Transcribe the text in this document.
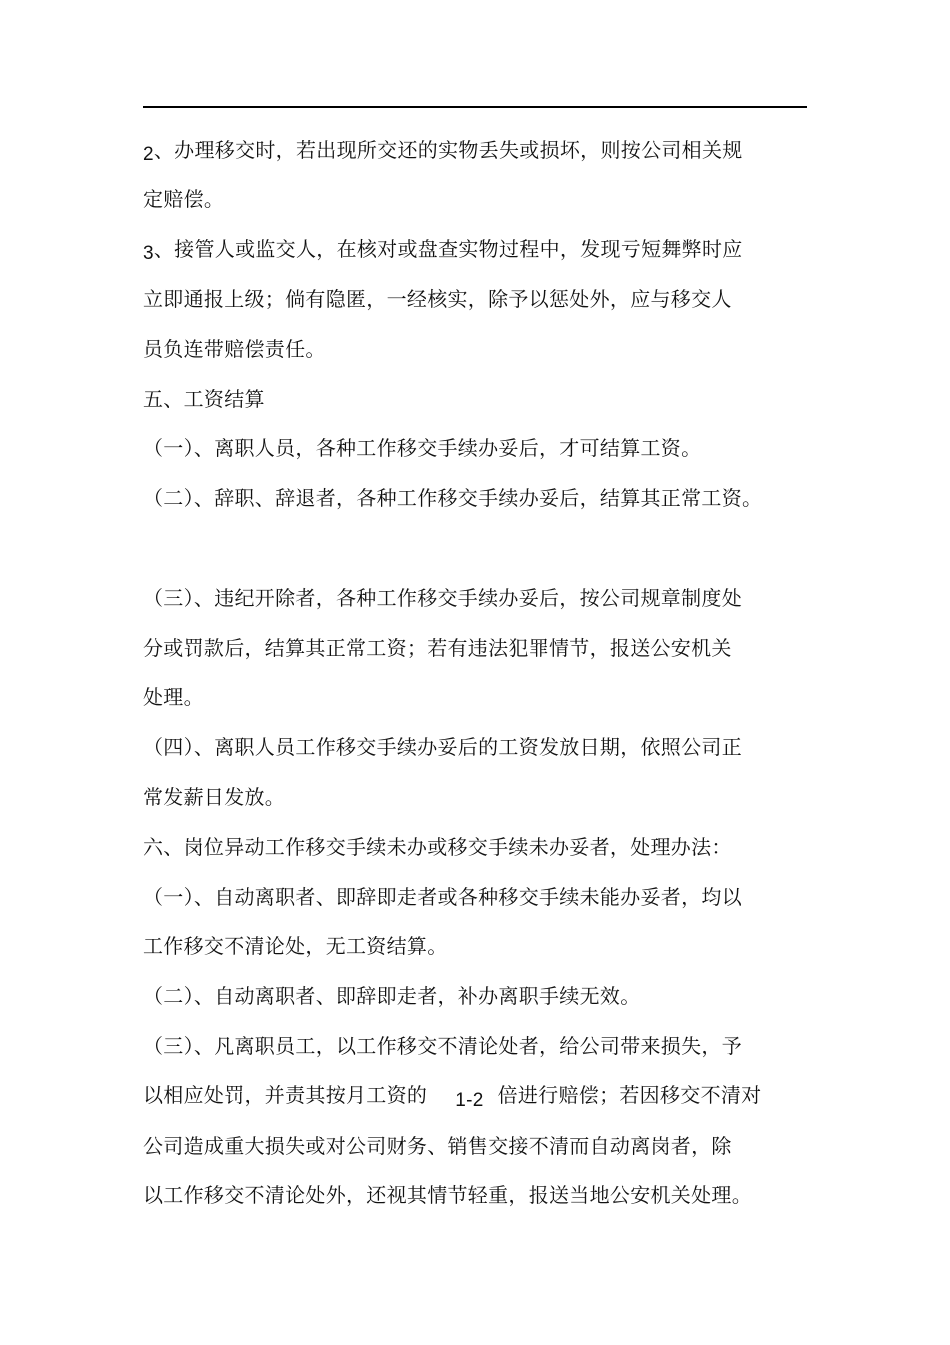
2、办理移交时，若出现所交还的实物丢失或损坏，则按公司相关规
定赔偿。
3、接管人或监交人，在核对或盘查实物过程中，发现亏短舞弊时应
立即通报上级；倘有隐匿，一经核实，除予以惩处外，应与移交人
员负连带赔偿责任。
五、工资结算
（一）、离职人员，各种工作移交手续办妥后，才可结算工资。
（二）、辞职、辞退者，各种工作移交手续办妥后，结算其正常工资。
（三）、违纪开除者，各种工作移交手续办妥后，按公司规章制度处
分或罚款后，结算其正常工资；若有违法犯罪情节，报送公安机关
处理。
（四）、离职人员工作移交手续办妥后的工资发放日期，依照公司正
常发薪日发放。
六、岗位异动工作移交手续未办或移交手续未办妥者，处理办法：
（一）、自动离职者、即辞即走者或各种移交手续未能办妥者，均以
工作移交不清论处，无工资结算。
（二）、自动离职者、即辞即走者，补办离职手续无效。
（三）、凡离职员工，以工作移交不清论处者，给公司带来损失，予
以相应处罚，并责其按月工资的 1-2 倍进行赔偿；若因移交不清对
公司造成重大损失或对公司财务、销售交接不清而自动离岗者，除
以工作移交不清论处外，还视其情节轻重，报送当地公安机关处理。
